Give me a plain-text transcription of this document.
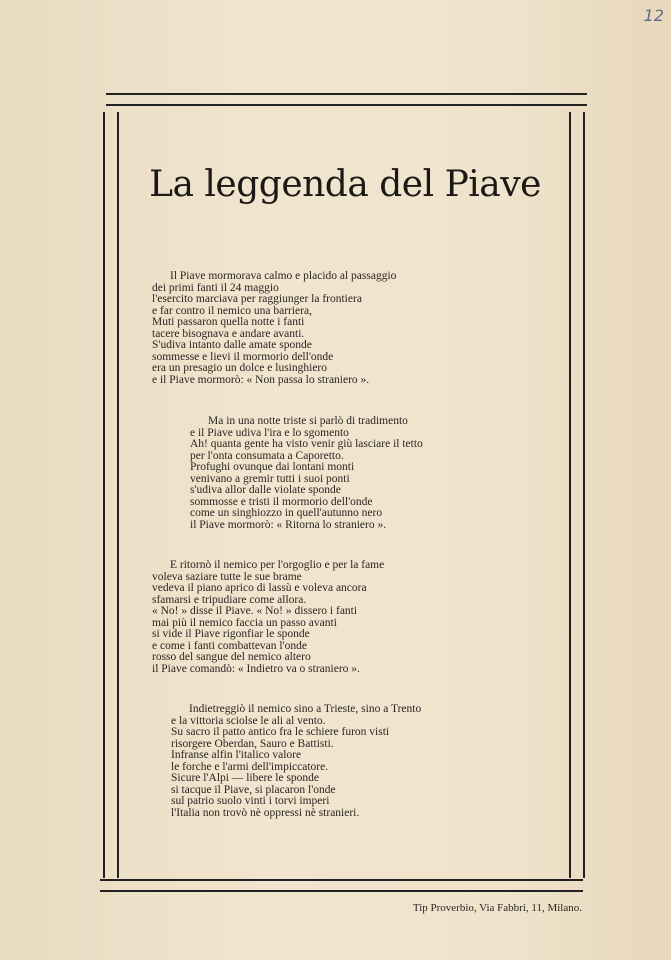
12
La leggenda del Piave
Il Piave mormorava calmo e placido al passaggio
dei primi fanti il 24 maggio
l'esercito marciava per raggiunger la frontiera
e far contro il nemico una barriera,
Muti passaron quella notte i fanti
tacere bisognava e andare avanti.
S'udiva intanto dalle amate sponde
sommesse e lievi il mormorio dell'onde
era un presagio un dolce e lusinghiero
e il Piave mormorò: « Non passa lo straniero ».
Ma in una notte triste si parlò di tradimento
e il Piave udiva l'ira e lo sgomento
Ah! quanta gente ha visto venir giù lasciare il tetto
per l'onta consumata a Caporetto.
Profughi ovunque dai lontani monti
venivano a gremir tutti i suoi ponti
s'udiva allor dalle violate sponde
sommosse e tristi il mormorio dell'onde
come un singhiozzo in quell'autunno nero
il Piave mormorò: « Ritorna lo straniero ».
E ritornò il nemico per l'orgoglio e per la fame
voleva saziare tutte le sue brame
vedeva il piano aprico di lassù e voleva ancora
sfamarsi e tripudiare come allora.
« No! » disse il Piave. « No! » dissero i fanti
mai più il nemico faccia un passo avanti
si vide il Piave rigonfiar le sponde
e come i fanti combattevan l'onde
rosso del sangue del nemico altero
il Piave comandò: « Indietro va o straniero ».
Indietreggiò il nemico sino a Trieste, sino a Trento
e la vittoria sciolse le ali al vento.
Su sacro il patto antico fra le schiere furon visti
risorgere Oberdan, Sauro e Battisti.
Infranse alfin l'italico valore
le forche e l'armi dell'impiccatore.
Sicure l'Alpi — libere le sponde
si tacque il Piave, si placaron l'onde
sul patrio suolo vinti i torvi imperi
l'Italia non trovò nè oppressi nè stranieri.
Tip Proverbio, Via Fabbri, 11, Milano.
